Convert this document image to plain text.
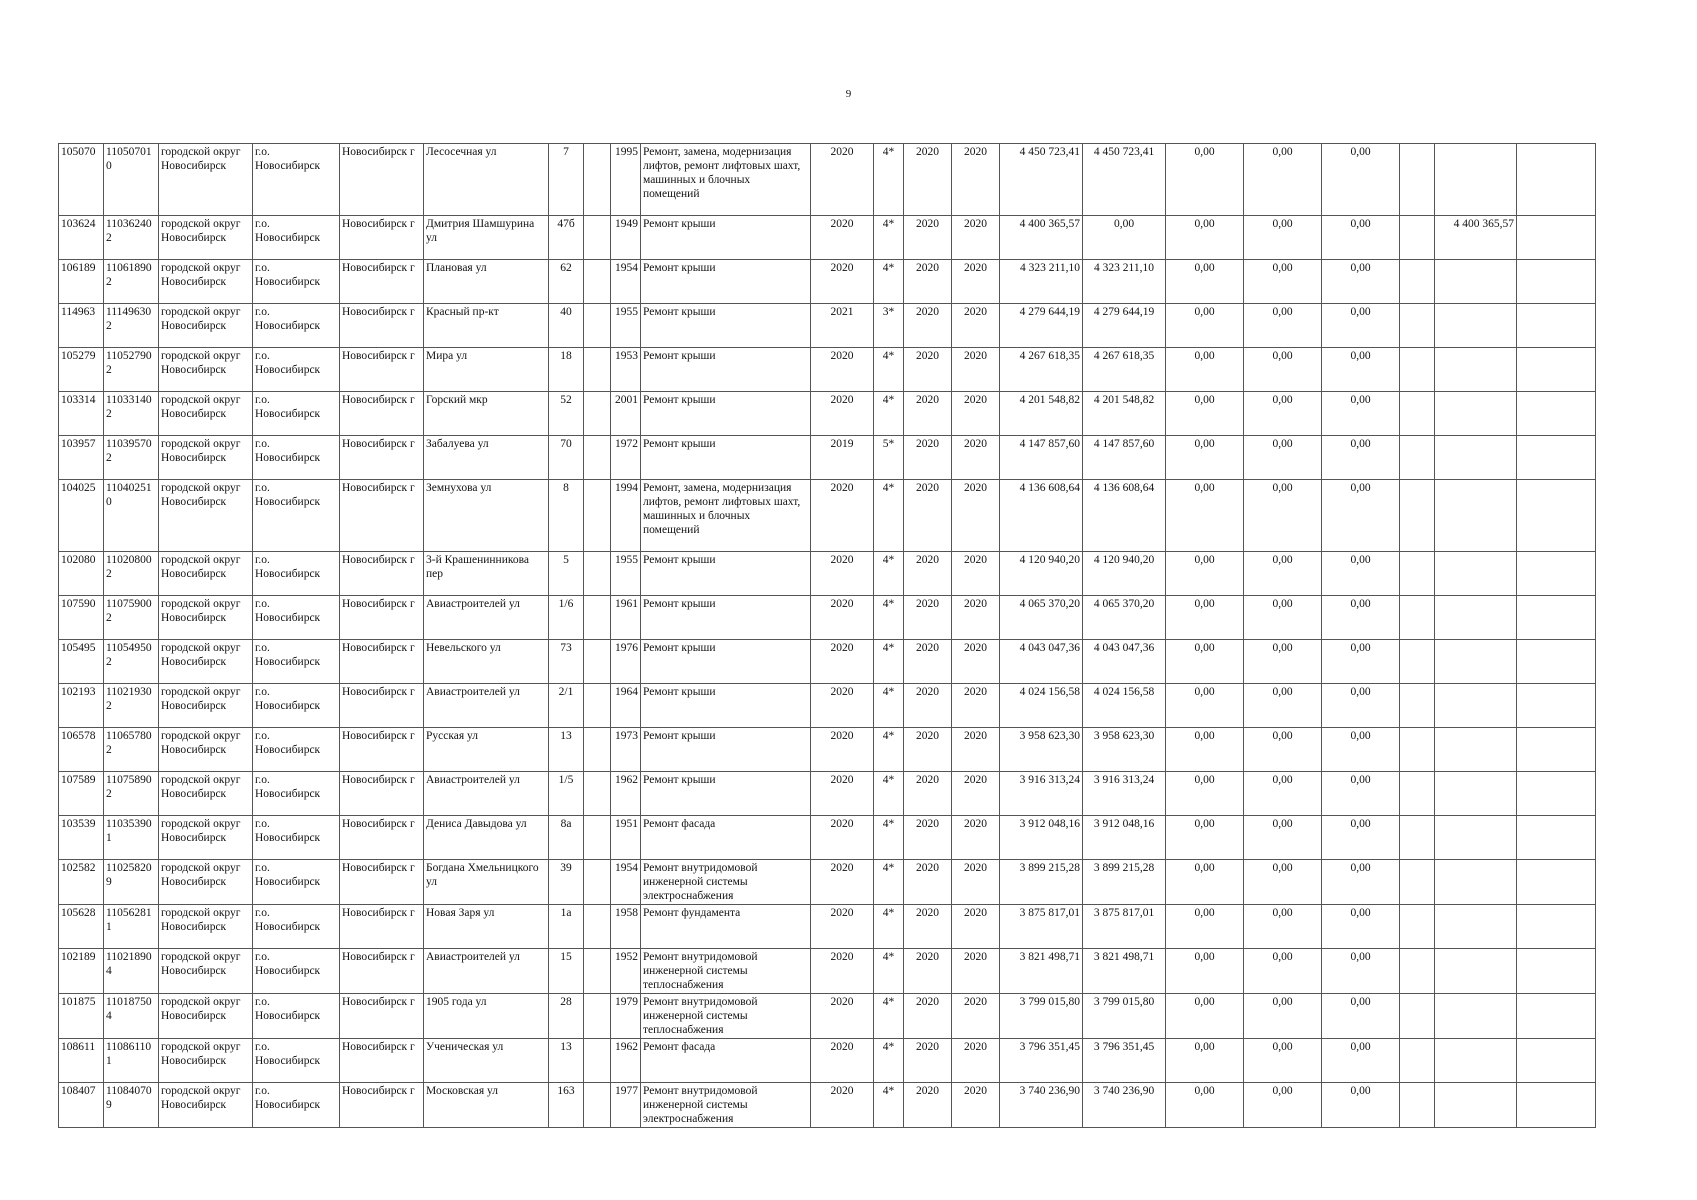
9
105070	110507010	городской округ Новосибирск	г.о. Новосибирск	Новосибирск г	Лесосечная ул	7		1995	Ремонт, замена, модернизация лифтов, ремонт лифтовых шахт, машинных и блочных помещений	2020	4*	2020	2020	4 450 723,41	4 450 723,41	0,00	0,00	0,00			
103624	110362402	городской округ Новосибирск	г.о. Новосибирск	Новосибирск г	Дмитрия Шамшурина ул	47б		1949	Ремонт крыши	2020	4*	2020	2020	4 400 365,57	0,00	0,00	0,00	0,00		4 400 365,57	
106189	110618902	городской округ Новосибирск	г.о. Новосибирск	Новосибирск г	Плановая ул	62		1954	Ремонт крыши	2020	4*	2020	2020	4 323 211,10	4 323 211,10	0,00	0,00	0,00			
114963	111496302	городской округ Новосибирск	г.о. Новосибирск	Новосибирск г	Красный пр-кт	40		1955	Ремонт крыши	2021	3*	2020	2020	4 279 644,19	4 279 644,19	0,00	0,00	0,00			
105279	110527902	городской округ Новосибирск	г.о. Новосибирск	Новосибирск г	Мира ул	18		1953	Ремонт крыши	2020	4*	2020	2020	4 267 618,35	4 267 618,35	0,00	0,00	0,00			
103314	110331402	городской округ Новосибирск	г.о. Новосибирск	Новосибирск г	Горский мкр	52		2001	Ремонт крыши	2020	4*	2020	2020	4 201 548,82	4 201 548,82	0,00	0,00	0,00			
103957	110395702	городской округ Новосибирск	г.о. Новосибирск	Новосибирск г	Забалуева ул	70		1972	Ремонт крыши	2019	5*	2020	2020	4 147 857,60	4 147 857,60	0,00	0,00	0,00			
104025	110402510	городской округ Новосибирск	г.о. Новосибирск	Новосибирск г	Земнухова ул	8		1994	Ремонт, замена, модернизация лифтов, ремонт лифтовых шахт, машинных и блочных помещений	2020	4*	2020	2020	4 136 608,64	4 136 608,64	0,00	0,00	0,00			
102080	110208002	городской округ Новосибирск	г.о. Новосибирск	Новосибирск г	3-й Крашенинникова пер	5		1955	Ремонт крыши	2020	4*	2020	2020	4 120 940,20	4 120 940,20	0,00	0,00	0,00			
107590	110759002	городской округ Новосибирск	г.о. Новосибирск	Новосибирск г	Авиастроителей ул	1/6		1961	Ремонт крыши	2020	4*	2020	2020	4 065 370,20	4 065 370,20	0,00	0,00	0,00			
105495	110549502	городской округ Новосибирск	г.о. Новосибирск	Новосибирск г	Невельского ул	73		1976	Ремонт крыши	2020	4*	2020	2020	4 043 047,36	4 043 047,36	0,00	0,00	0,00			
102193	110219302	городской округ Новосибирск	г.о. Новосибирск	Новосибирск г	Авиастроителей ул	2/1		1964	Ремонт крыши	2020	4*	2020	2020	4 024 156,58	4 024 156,58	0,00	0,00	0,00			
106578	110657802	городской округ Новосибирск	г.о. Новосибирск	Новосибирск г	Русская ул	13		1973	Ремонт крыши	2020	4*	2020	2020	3 958 623,30	3 958 623,30	0,00	0,00	0,00			
107589	110758902	городской округ Новосибирск	г.о. Новосибирск	Новосибирск г	Авиастроителей ул	1/5		1962	Ремонт крыши	2020	4*	2020	2020	3 916 313,24	3 916 313,24	0,00	0,00	0,00			
103539	110353901	городской округ Новосибирск	г.о. Новосибирск	Новосибирск г	Дениса Давыдова ул	8а		1951	Ремонт фасада	2020	4*	2020	2020	3 912 048,16	3 912 048,16	0,00	0,00	0,00			
102582	110258209	городской округ Новосибирск	г.о. Новосибирск	Новосибирск г	Богдана Хмельницкого ул	39		1954	Ремонт внутридомовой инженерной системы электроснабжения	2020	4*	2020	2020	3 899 215,28	3 899 215,28	0,00	0,00	0,00			
105628	110562811	городской округ Новосибирск	г.о. Новосибирск	Новосибирск г	Новая Заря ул	1а		1958	Ремонт фундамента	2020	4*	2020	2020	3 875 817,01	3 875 817,01	0,00	0,00	0,00			
102189	110218904	городской округ Новосибирск	г.о. Новосибирск	Новосибирск г	Авиастроителей ул	15		1952	Ремонт внутридомовой инженерной системы теплоснабжения	2020	4*	2020	2020	3 821 498,71	3 821 498,71	0,00	0,00	0,00			
101875	110187504	городской округ Новосибирск	г.о. Новосибирск	Новосибирск г	1905 года ул	28		1979	Ремонт внутридомовой инженерной системы теплоснабжения	2020	4*	2020	2020	3 799 015,80	3 799 015,80	0,00	0,00	0,00			
108611	110861101	городской округ Новосибирск	г.о. Новосибирск	Новосибирск г	Ученическая ул	13		1962	Ремонт фасада	2020	4*	2020	2020	3 796 351,45	3 796 351,45	0,00	0,00	0,00			
108407	110840709	городской округ Новосибирск	г.о. Новосибирск	Новосибирск г	Московская ул	163		1977	Ремонт внутридомовой инженерной системы электроснабжения	2020	4*	2020	2020	3 740 236,90	3 740 236,90	0,00	0,00	0,00			
